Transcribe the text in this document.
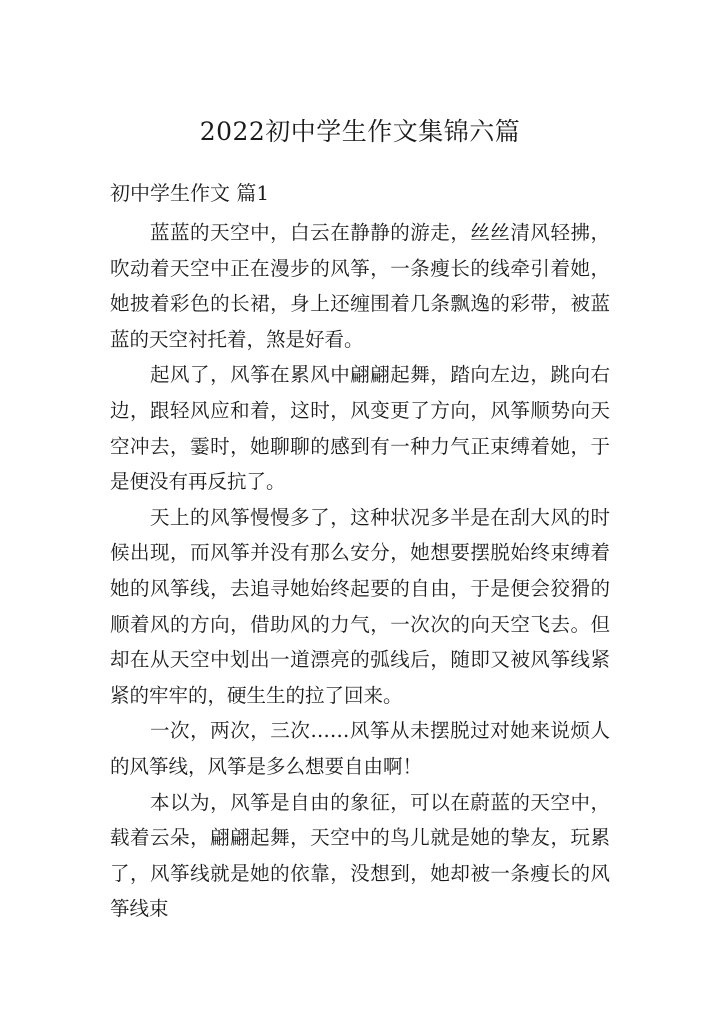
2022初中学生作文集锦六篇
初中学生作文 篇1

蓝蓝的天空中，白云在静静的游走，丝丝清风轻拂，吹动着天空中正在漫步的风筝，一条瘦长的线牵引着她，她披着彩色的长裙，身上还缠围着几条飘逸的彩带，被蓝蓝的天空衬托着，煞是好看。

起风了，风筝在累风中翩翩起舞，踏向左边，跳向右边，跟轻风应和着，这时，风变更了方向，风筝顺势向天空冲去，霎时，她聊聊的感到有一种力气正束缚着她，于是便没有再反抗了。

天上的风筝慢慢多了，这种状况多半是在刮大风的时候出现，而风筝并没有那么安分，她想要摆脱始终束缚着她的风筝线，去追寻她始终起要的自由，于是便会狡猾的顺着风的方向，借助风的力气，一次次的向天空飞去。但却在从天空中划出一道漂亮的弧线后，随即又被风筝线紧紧的牢牢的，硬生生的拉了回来。

一次，两次，三次……风筝从未摆脱过对她来说烦人的风筝线，风筝是多么想要自由啊！

本以为，风筝是自由的象征，可以在蔚蓝的天空中，载着云朵，翩翩起舞，天空中的鸟儿就是她的挚友，玩累了，风筝线就是她的依靠，没想到，她却被一条瘦长的风筝线束
